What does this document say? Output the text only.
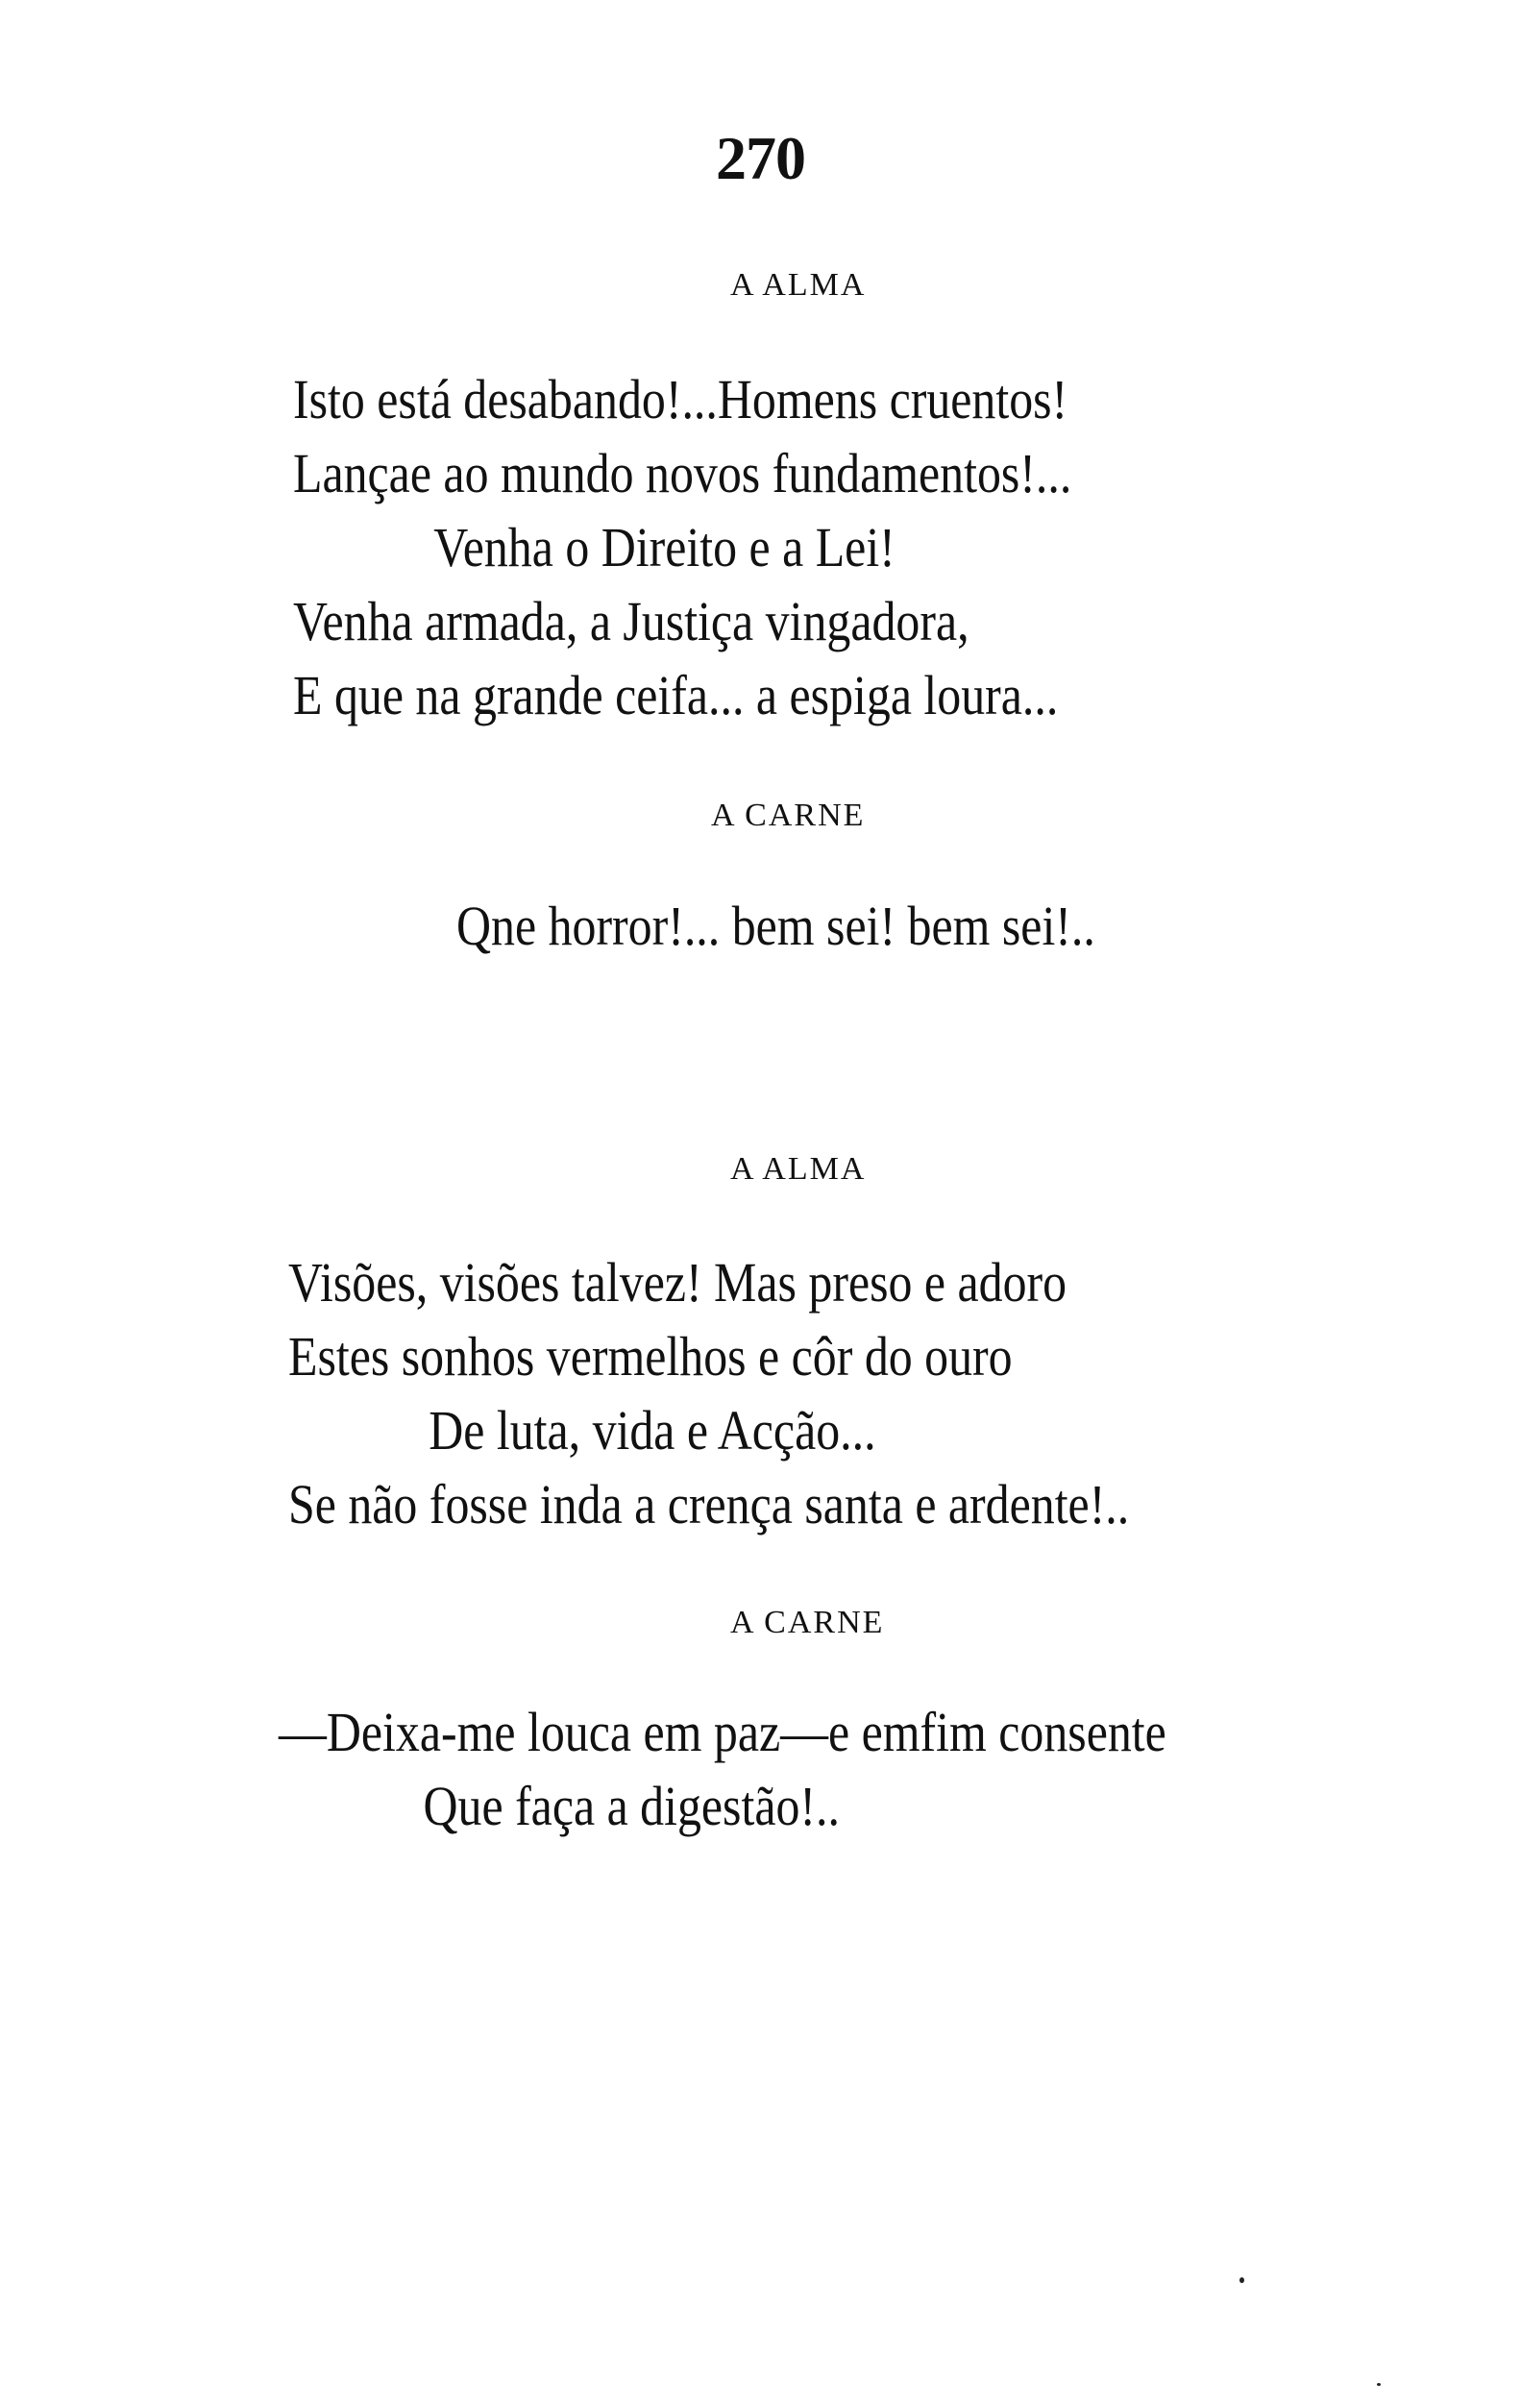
270
A ALMA
Isto está desabando!...Homens cruentos!
Lançae ao mundo novos fundamentos!...
Venha o Direito e a Lei!
Venha armada, a Justiça vingadora,
E que na grande ceifa... a espiga loura...
A CARNE
Qne horror!... bem sei! bem sei!..
A ALMA
Visões, visões talvez! Mas preso e adoro
Estes sonhos vermelhos e côr do ouro
De luta, vida e Acção...
Se não fosse inda a crença santa e ardente!..
A CARNE
—Deixa-me louca em paz—e emfim consente
Que faça a digestão!..
